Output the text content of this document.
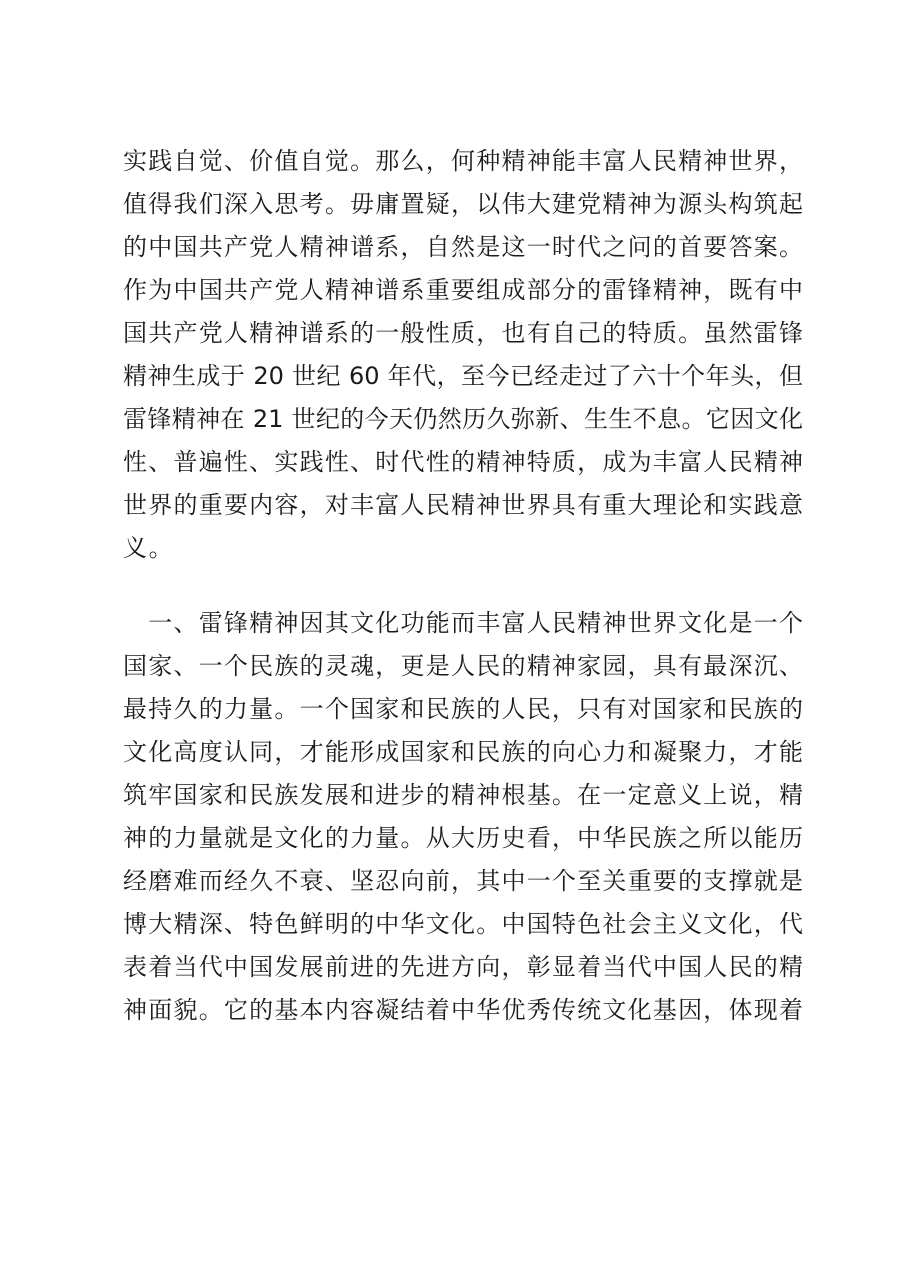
实践自觉、价值自觉。那么，何种精神能丰富人民精神世界，
值得我们深入思考。毋庸置疑，以伟大建党精神为源头构筑起
的中国共产党人精神谱系，自然是这一时代之问的首要答案。
作为中国共产党人精神谱系重要组成部分的雷锋精神，既有中
国共产党人精神谱系的一般性质，也有自己的特质。虽然雷锋
精神生成于 20 世纪 60 年代，至今已经走过了六十个年头，但
雷锋精神在 21 世纪的今天仍然历久弥新、生生不息。它因文化
性、普遍性、实践性、时代性的精神特质，成为丰富人民精神
世界的重要内容，对丰富人民精神世界具有重大理论和实践意
义。
　一、雷锋精神因其文化功能而丰富人民精神世界文化是一个
国家、一个民族的灵魂，更是人民的精神家园，具有最深沉、
最持久的力量。一个国家和民族的人民，只有对国家和民族的
文化高度认同，才能形成国家和民族的向心力和凝聚力，才能
筑牢国家和民族发展和进步的精神根基。在一定意义上说，精
神的力量就是文化的力量。从大历史看，中华民族之所以能历
经磨难而经久不衰、坚忍向前，其中一个至关重要的支撑就是
博大精深、特色鲜明的中华文化。中国特色社会主义文化，代
表着当代中国发展前进的先进方向，彰显着当代中国人民的精
神面貌。它的基本内容凝结着中华优秀传统文化基因，体现着
